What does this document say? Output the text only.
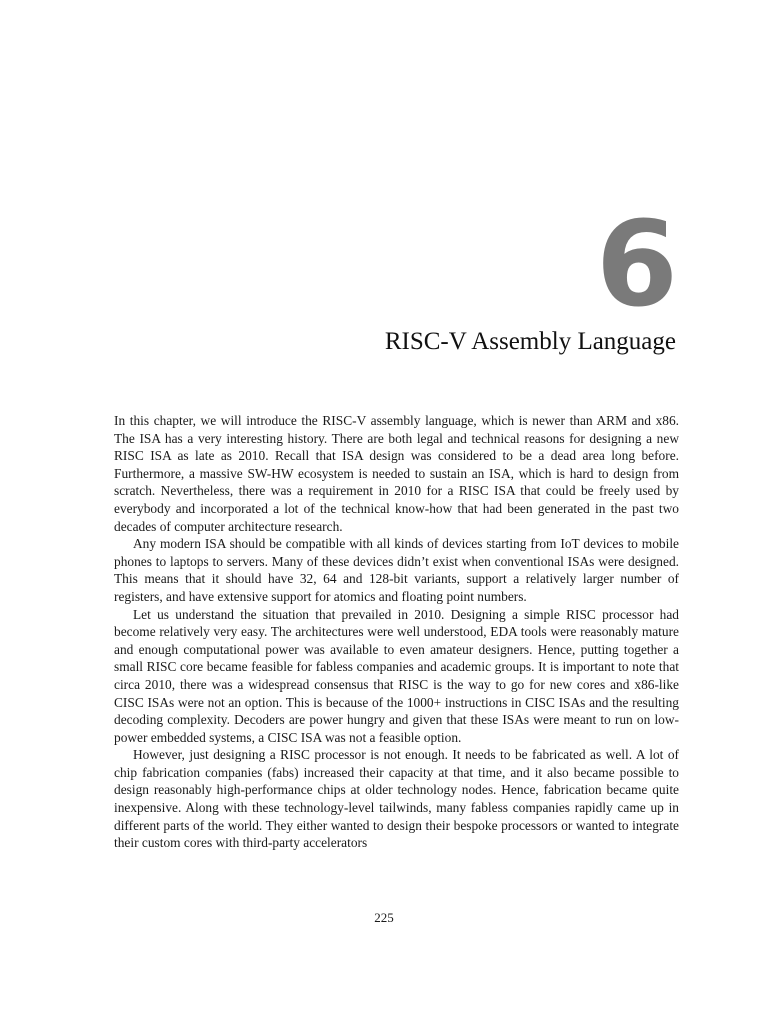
6
RISC-V Assembly Language

In this chapter, we will introduce the RISC-V assembly language, which is newer than ARM and x86. The ISA has a very interesting history. There are both legal and technical reasons for designing a new RISC ISA as late as 2010. Recall that ISA design was considered to be a dead area long before. Furthermore, a massive SW-HW ecosystem is needed to sustain an ISA, which is hard to design from scratch. Nevertheless, there was a requirement in 2010 for a RISC ISA that could be freely used by everybody and incorporated a lot of the technical know-how that had been generated in the past two decades of computer architecture research.

Any modern ISA should be compatible with all kinds of devices starting from IoT devices to mobile phones to laptops to servers. Many of these devices didn’t exist when conventional ISAs were designed. This means that it should have 32, 64 and 128-bit variants, support a relatively larger number of registers, and have extensive support for atomics and floating point numbers.

Let us understand the situation that prevailed in 2010. Designing a simple RISC processor had become relatively very easy. The architectures were well understood, EDA tools were reasonably mature and enough computational power was available to even amateur designers. Hence, putting together a small RISC core became feasible for fabless companies and academic groups. It is important to note that circa 2010, there was a widespread consensus that RISC is the way to go for new cores and x86-like CISC ISAs were not an option. This is because of the 1000+ instructions in CISC ISAs and the resulting decoding complexity. Decoders are power hungry and given that these ISAs were meant to run on low-power embedded systems, a CISC ISA was not a feasible option.

However, just designing a RISC processor is not enough. It needs to be fabricated as well. A lot of chip fabrication companies (fabs) increased their capacity at that time, and it also became possible to design reasonably high-performance chips at older technology nodes. Hence, fabrication became quite inexpensive. Along with these technology-level tailwinds, many fabless companies rapidly came up in different parts of the world. They either wanted to design their bespoke processors or wanted to integrate their custom cores with third-party accelerators

225
